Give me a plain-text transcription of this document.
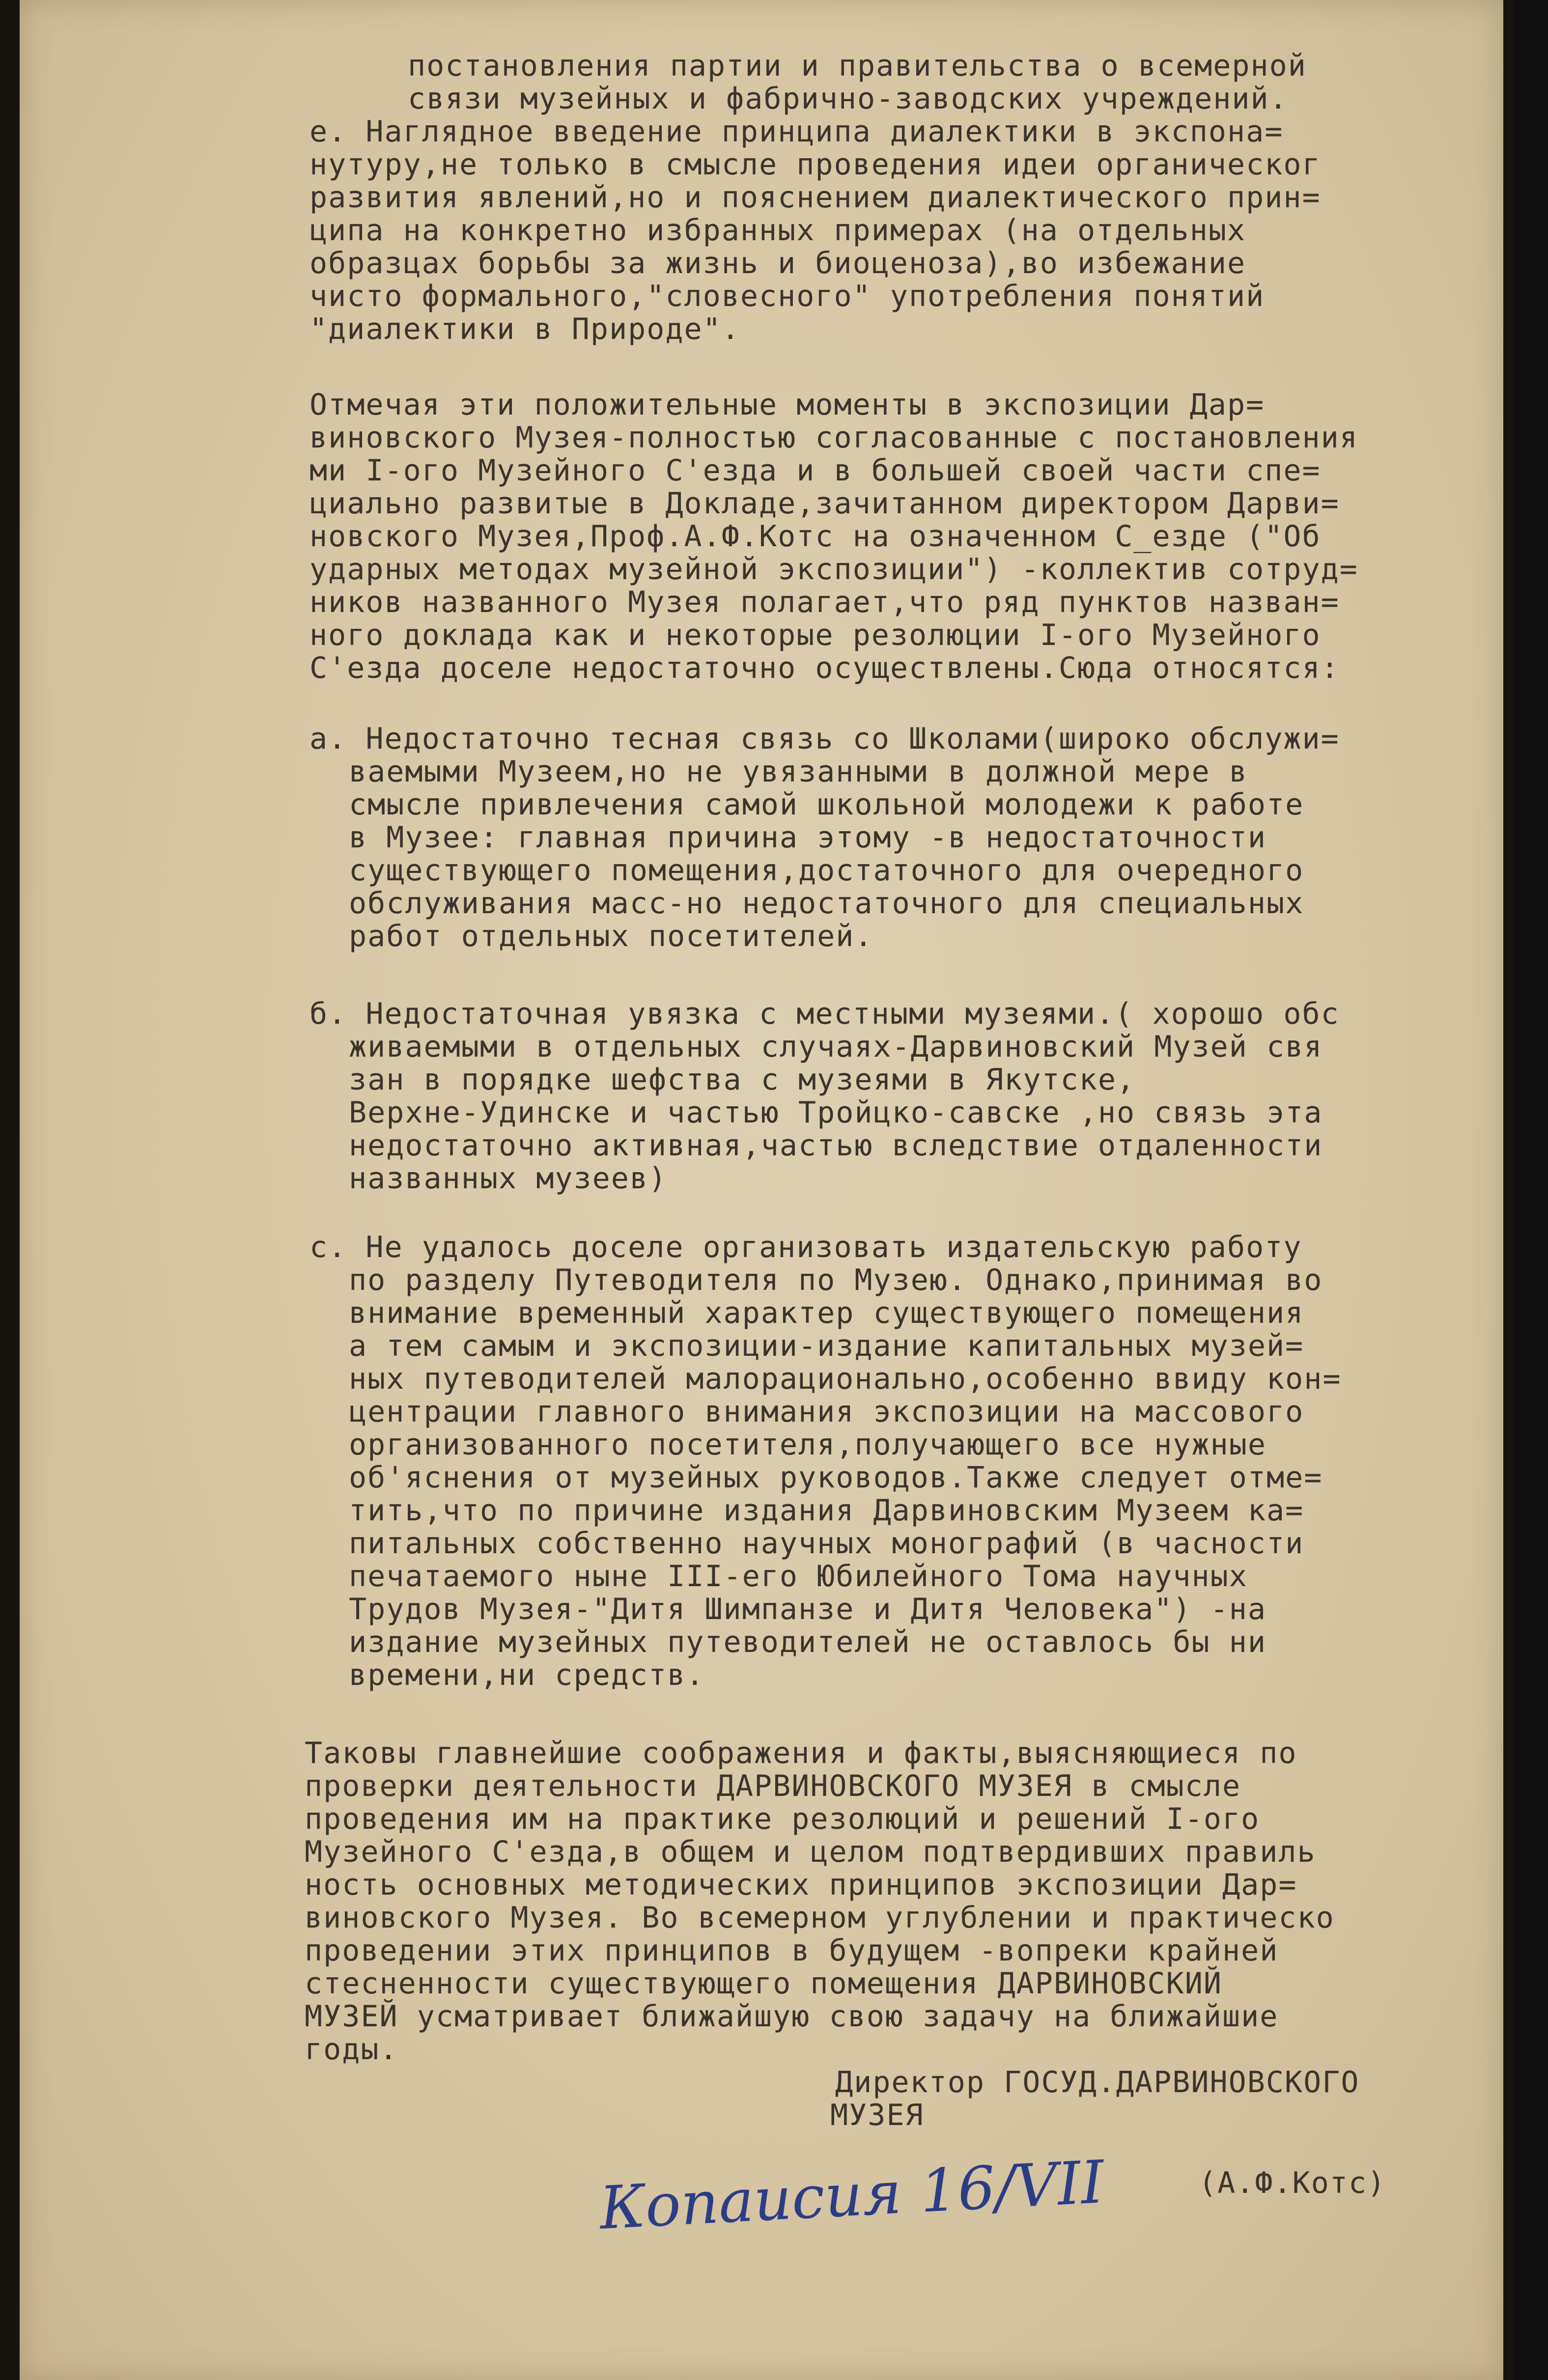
постановления партии и правительства о всемерной
связи музейных и фабрично-заводских учреждений.
е. Наглядное введение принципа диалектики в экспона=
нутуру,не только в смысле проведения идеи органическог
развития явлений,но и пояснением диалектического прин=
ципа на конкретно избранных примерах (на отдельных
образцах борьбы за жизнь и биоценоза),во избежание
чисто формального,"словесного" употребления понятий
"диалектики в Природе".
Отмечая эти положительные моменты в экспозиции Дар=
виновского Музея-полностью согласованные с постановления
ми I-ого Музейного С'езда и в большей своей части спе=
циально развитые в Докладе,зачитанном директором Дарви=
новского Музея,Проф.А.Ф.Котс на означенном С_езде ("Об
ударных методах музейной экспозиции") -коллектив сотруд=
ников названного Музея полагает,что ряд пунктов назван=
ного доклада как и некоторые резолюции I-ого Музейного
С'езда доселе недостаточно осуществлены.Сюда относятся:
а. Недостаточно тесная связь со Школами(широко обслужи=
ваемыми Музеем,но не увязанными в должной мере в
смысле привлечения самой школьной молодежи к работе
в Музее: главная причина этому -в недостаточности
существующего помещения,достаточного для очередного
обслуживания масс-но недостаточного для специальных
работ отдельных посетителей.
б. Недостаточная увязка с местными музеями.( хорошо обс
живаемыми в отдельных случаях-Дарвиновский Музей свя
зан в порядке шефства с музеями в Якутске,
Верхне-Удинске и частью Тройцко-савске ,но связь эта
недостаточно активная,частью вследствие отдаленности
названных музеев)
с. Не удалось доселе организовать издательскую работу
по разделу Путеводителя по Музею. Однако,принимая во
внимание временный характер существующего помещения
а тем самым и экспозиции-издание капитальных музей=
ных путеводителей малорационально,особенно ввиду кон=
центрации главного внимания экспозиции на массового
организованного посетителя,получающего все нужные
об'яснения от музейных руководов.Также следует отме=
тить,что по причине издания Дарвиновским Музеем ка=
питальных собственно научных монографий (в часности
печатаемого ныне III-его Юбилейного Тома научных
Трудов Музея-"Дитя Шимпанзе и Дитя Человека") -на
издание музейных путеводителей не оставлось бы ни
времени,ни средств.
Таковы главнейшие соображения и факты,выясняющиеся по
проверки деятельности ДАРВИНОВСКОГО МУЗЕЯ в смысле
проведения им на практике резолюций и решений I-ого
Музейного С'езда,в общем и целом подтвердивших правиль
ность основных методических принципов экспозиции Дар=
виновского Музея. Во всемерном углублении и практическо
проведении этих принципов в будущем -вопреки крайней
стесненности существующего помещения ДАРВИНОВСКИЙ
МУЗЕЙ усматривает ближайшую свою задачу на ближайшие
годы.
Директор ГОСУД.ДАРВИНОВСКОГО
МУЗЕЯ
(А.Ф.Котс)
Копаисия 16/VII
